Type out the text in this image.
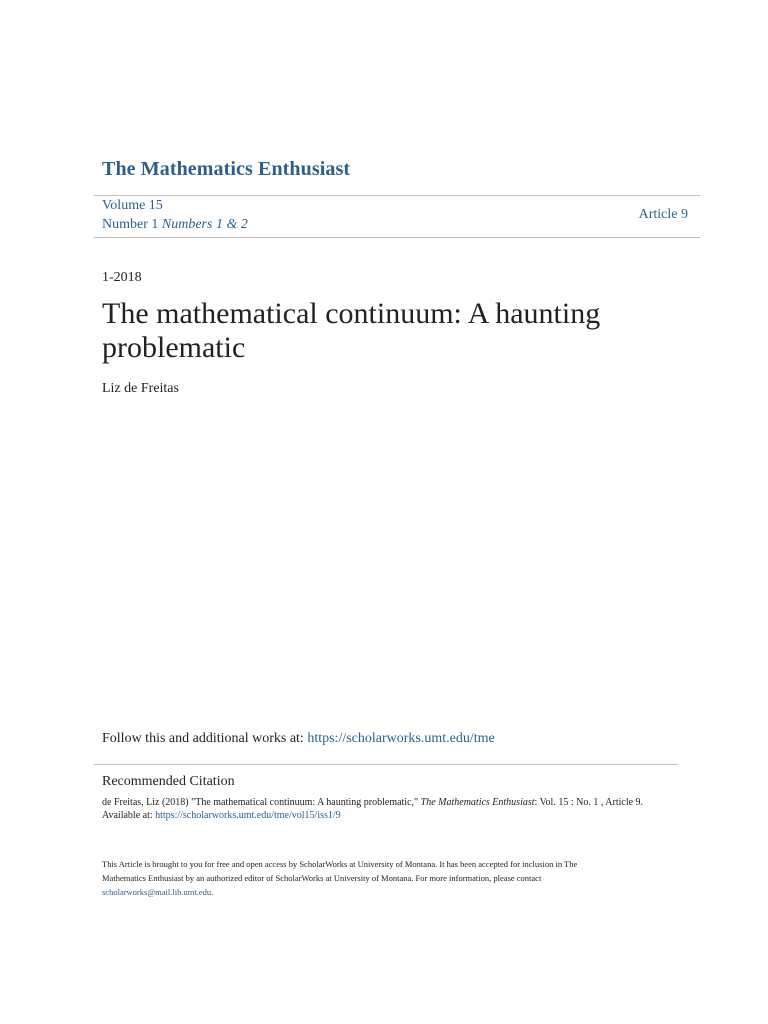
The Mathematics Enthusiast
Volume 15
Number 1 Numbers 1 & 2
Article 9
1-2018
The mathematical continuum: A haunting
problematic
Liz de Freitas
Follow this and additional works at: https://scholarworks.umt.edu/tme
Recommended Citation
de Freitas, Liz (2018) "The mathematical continuum: A haunting problematic," The Mathematics Enthusiast: Vol. 15 : No. 1 , Article 9.
Available at: https://scholarworks.umt.edu/tme/vol15/iss1/9
This Article is brought to you for free and open access by ScholarWorks at University of Montana. It has been accepted for inclusion in The
Mathematics Enthusiast by an authorized editor of ScholarWorks at University of Montana. For more information, please contact
scholarworks@mail.lib.umt.edu.
